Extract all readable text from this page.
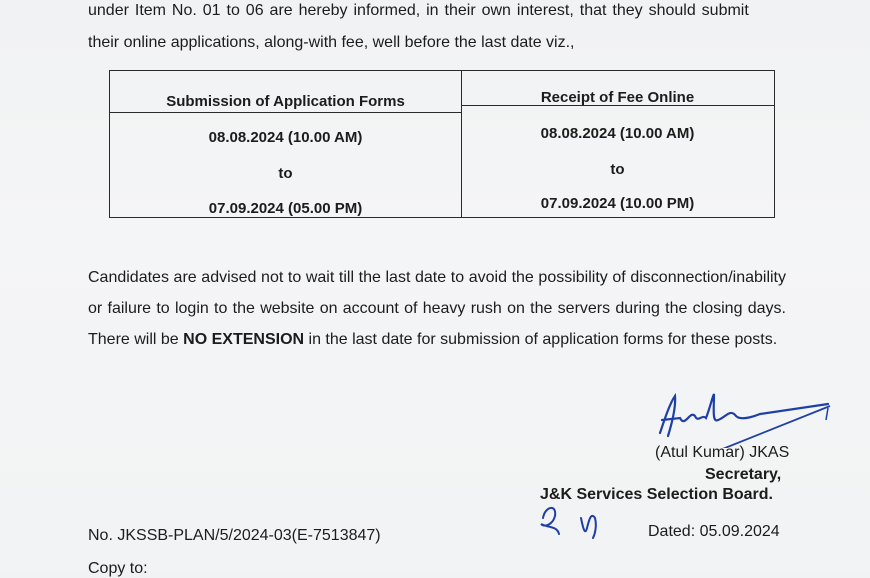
under Item No. 01 to 06 are hereby informed, in their own interest, that they should submit
their online applications, along-with fee, well before the last date viz.,
Submission of Application Forms	Receipt of Fee Online
08.08.2024 (10.00 AM)
to
07.09.2024 (05.00 PM)
08.08.2024 (10.00 AM)
to
07.09.2024 (10.00 PM)
Candidates are advised not to wait till the last date to avoid the possibility of disconnection/inability or failure to login to the website on account of heavy rush on the servers during the closing days. There will be NO EXTENSION in the last date for submission of application forms for these posts.
(Atul Kumar) JKAS
Secretary,
J&K Services Selection Board.
No. JKSSB-PLAN/5/2024-03(E-7513847)	Dated: 05.09.2024
Copy to:
